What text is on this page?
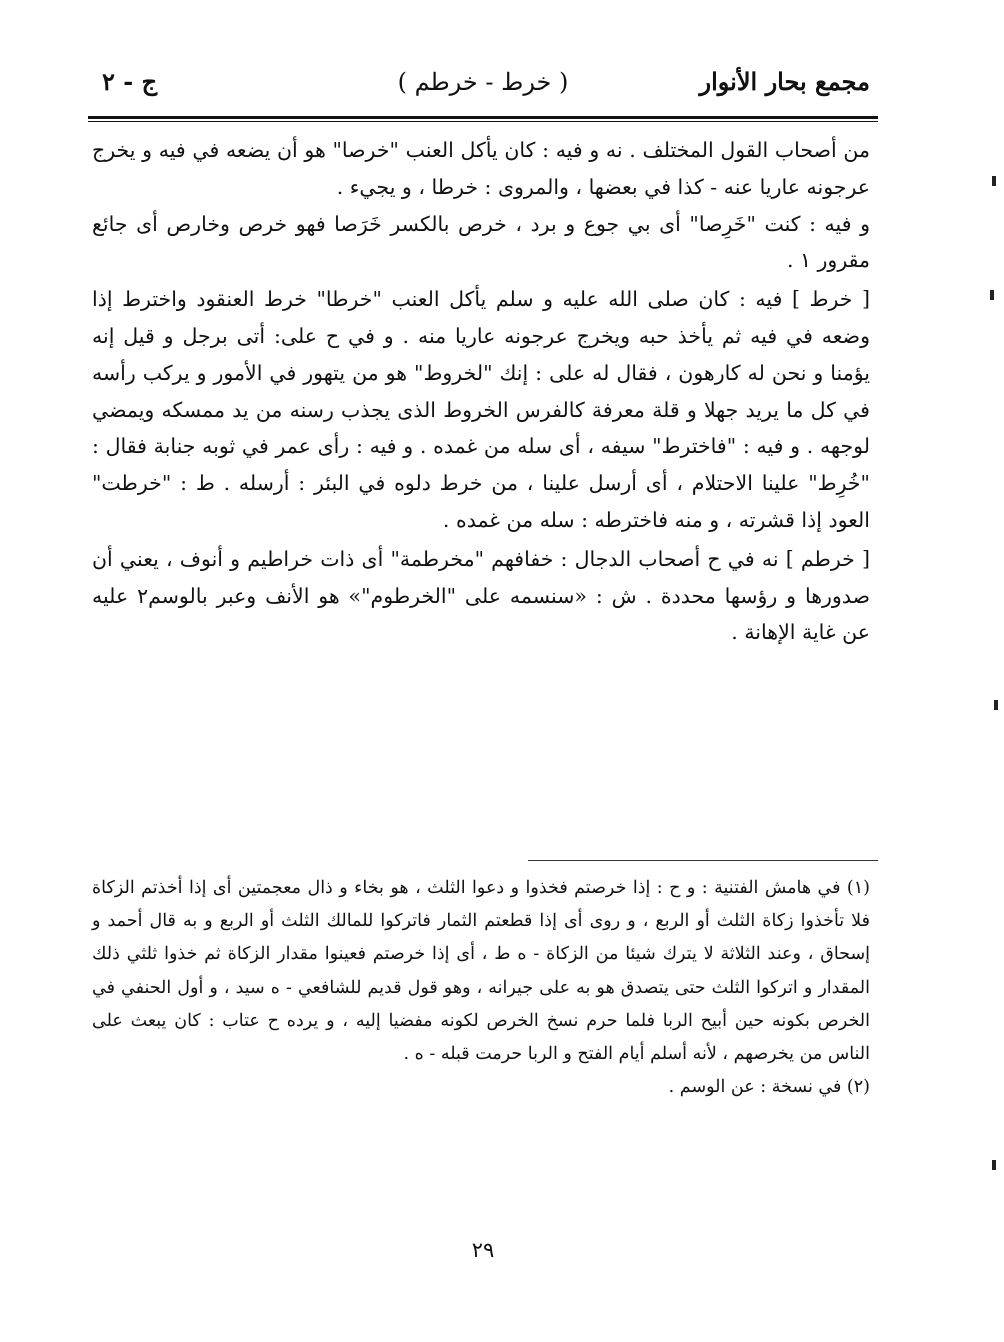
مجمع بحار الأنوار
( خرط - خرطم )
ج - ٢

من أصحاب القول المختلف . نه و فيه : كان يأكل العنب "خرصا" هو أن يضعه في فيه و يخرج عرجونه عاريا عنه - كذا في بعضها ، والمروى : خرطا ، و يجيء .

و فيه : كنت "خَرِصا" أى بي جوع و برد ، خرص بالكسر خَرَصا فهو خرص وخارص أى جائع مقرور ١ .

[ خرط ] فيه : كان صلى الله عليه و سلم يأكل العنب "خرطا" خرط العنقود واخترط إذا وضعه في فيه ثم يأخذ حبه ويخرج عرجونه عاريا منه . و في ح على: أتى برجل و قيل إنه يؤمنا و نحن له كارهون ، فقال له على : إنك "لخروط" هو من يتهور في الأمور و يركب رأسه في كل ما يريد جهلا و قلة معرفة كالفرس الخروط الذى يجذب رسنه من يد ممسكه ويمضي لوجهه . و فيه : "فاخترط" سيفه ، أى سله من غمده . و فيه : رأى عمر في ثوبه جنابة فقال : "خُرِط" علينا الاحتلام ، أى أرسل علينا ، من خرط دلوه في البئر : أرسله . ط : "خرطت" العود إذا قشرته ، و منه فاخترطه : سله من غمده .

[ خرطم ] نه في ح أصحاب الدجال : خفافهم "مخرطمة" أى ذات خراطيم و أنوف ، يعني أن صدورها و رؤسها محددة . ش : «سنسمه على "الخرطوم"» هو الأنف وعبر بالوسم٢ عليه عن غاية الإهانة .

(١) في هامش الفتنية : و ح : إذا خرصتم فخذوا و دعوا الثلث ، هو بخاء و ذال معجمتين أى إذا أخذتم الزكاة فلا تأخذوا زكاة الثلث أو الربع ، و روى أى إذا قطعتم الثمار فاتركوا للمالك الثلث أو الربع و به قال أحمد و إسحاق ، وعند الثلاثة لا يترك شيئا من الزكاة - ه ط ، أى إذا خرصتم فعينوا مقدار الزكاة ثم خذوا ثلثي ذلك المقدار و اتركوا الثلث حتى يتصدق هو به على جيرانه ، وهو قول قديم للشافعي - ه سيد ، و أول الحنفي في الخرص بكونه حين أبيح الربا فلما حرم نسخ الخرص لكونه مفضيا إليه ، و يرده ح عتاب : كان يبعث على الناس من يخرصهم ، لأنه أسلم أيام الفتح و الربا حرمت قبله - ه .

(٢) في نسخة : عن الوسم .

٢٩
